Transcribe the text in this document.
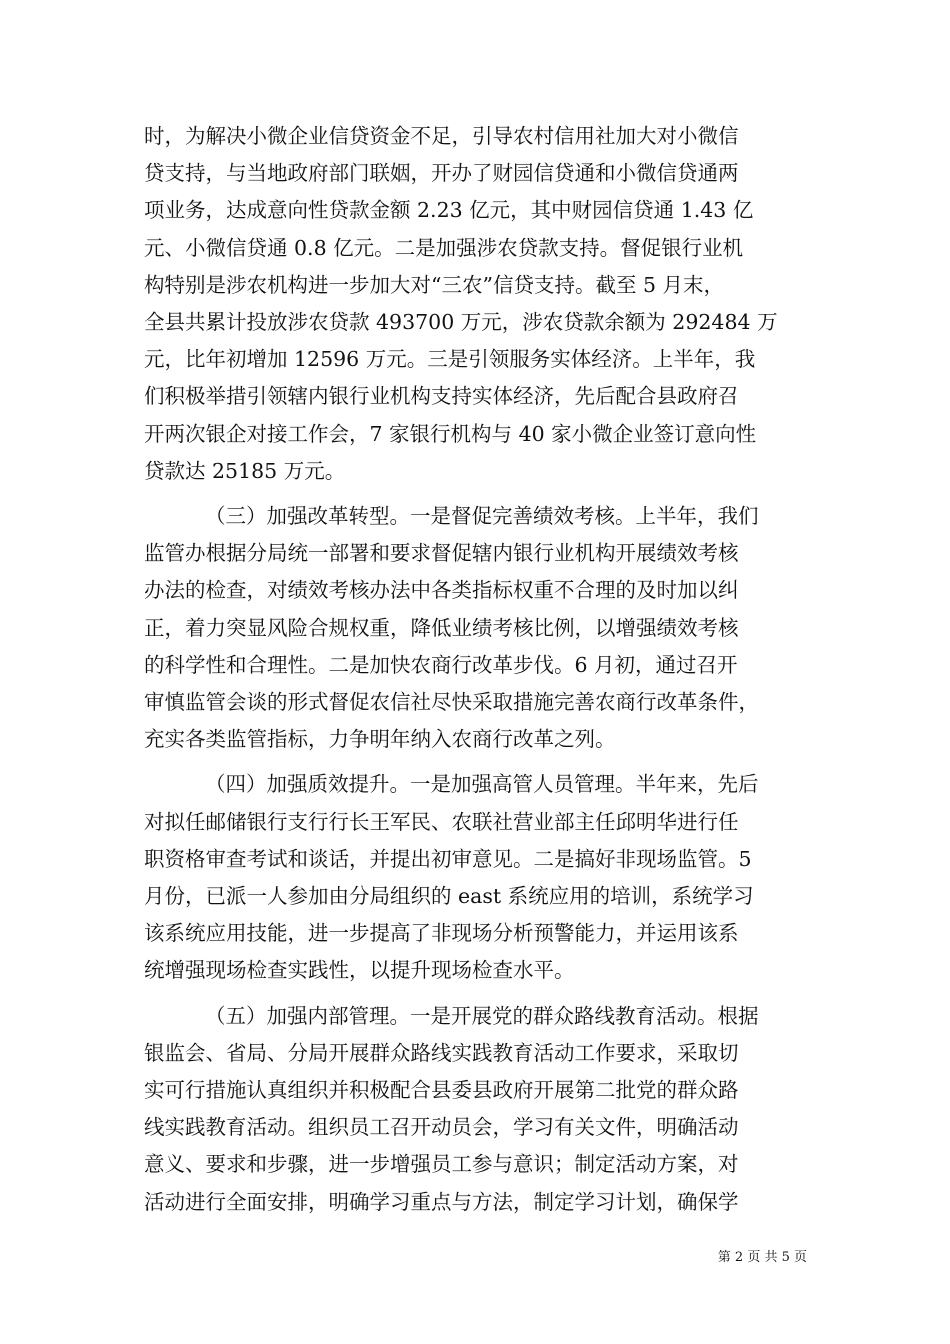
时，为解决小微企业信贷资金不足，引导农村信用社加大对小微信
贷支持，与当地政府部门联姻，开办了财园信贷通和小微信贷通两
项业务，达成意向性贷款金额 2.23 亿元，其中财园信贷通 1.43 亿
元、小微信贷通 0.8 亿元。二是加强涉农贷款支持。督促银行业机
构特别是涉农机构进一步加大对“三农”信贷支持。截至 5 月末，
全县共累计投放涉农贷款 493700 万元，涉农贷款余额为 292484 万
元，比年初增加 12596 万元。三是引领服务实体经济。上半年，我
们积极举措引领辖内银行业机构支持实体经济，先后配合县政府召
开两次银企对接工作会，7 家银行机构与 40 家小微企业签订意向性
贷款达 25185 万元。
（三）加强改革转型。一是督促完善绩效考核。上半年，我们
监管办根据分局统一部署和要求督促辖内银行业机构开展绩效考核
办法的检查，对绩效考核办法中各类指标权重不合理的及时加以纠
正，着力突显风险合规权重，降低业绩考核比例，以增强绩效考核
的科学性和合理性。二是加快农商行改革步伐。6 月初，通过召开
审慎监管会谈的形式督促农信社尽快采取措施完善农商行改革条件，
充实各类监管指标，力争明年纳入农商行改革之列。
（四）加强质效提升。一是加强高管人员管理。半年来，先后
对拟任邮储银行支行行长王军民、农联社营业部主任邱明华进行任
职资格审查考试和谈话，并提出初审意见。二是搞好非现场监管。5
月份，已派一人参加由分局组织的 east 系统应用的培训，系统学习
该系统应用技能，进一步提高了非现场分析预警能力，并运用该系
统增强现场检查实践性，以提升现场检查水平。
（五）加强内部管理。一是开展党的群众路线教育活动。根据
银监会、省局、分局开展群众路线实践教育活动工作要求，采取切
实可行措施认真组织并积极配合县委县政府开展第二批党的群众路
线实践教育活动。组织员工召开动员会，学习有关文件，明确活动
意义、要求和步骤，进一步增强员工参与意识；制定活动方案，对
活动进行全面安排，明确学习重点与方法，制定学习计划，确保学
第 2 页 共 5 页
